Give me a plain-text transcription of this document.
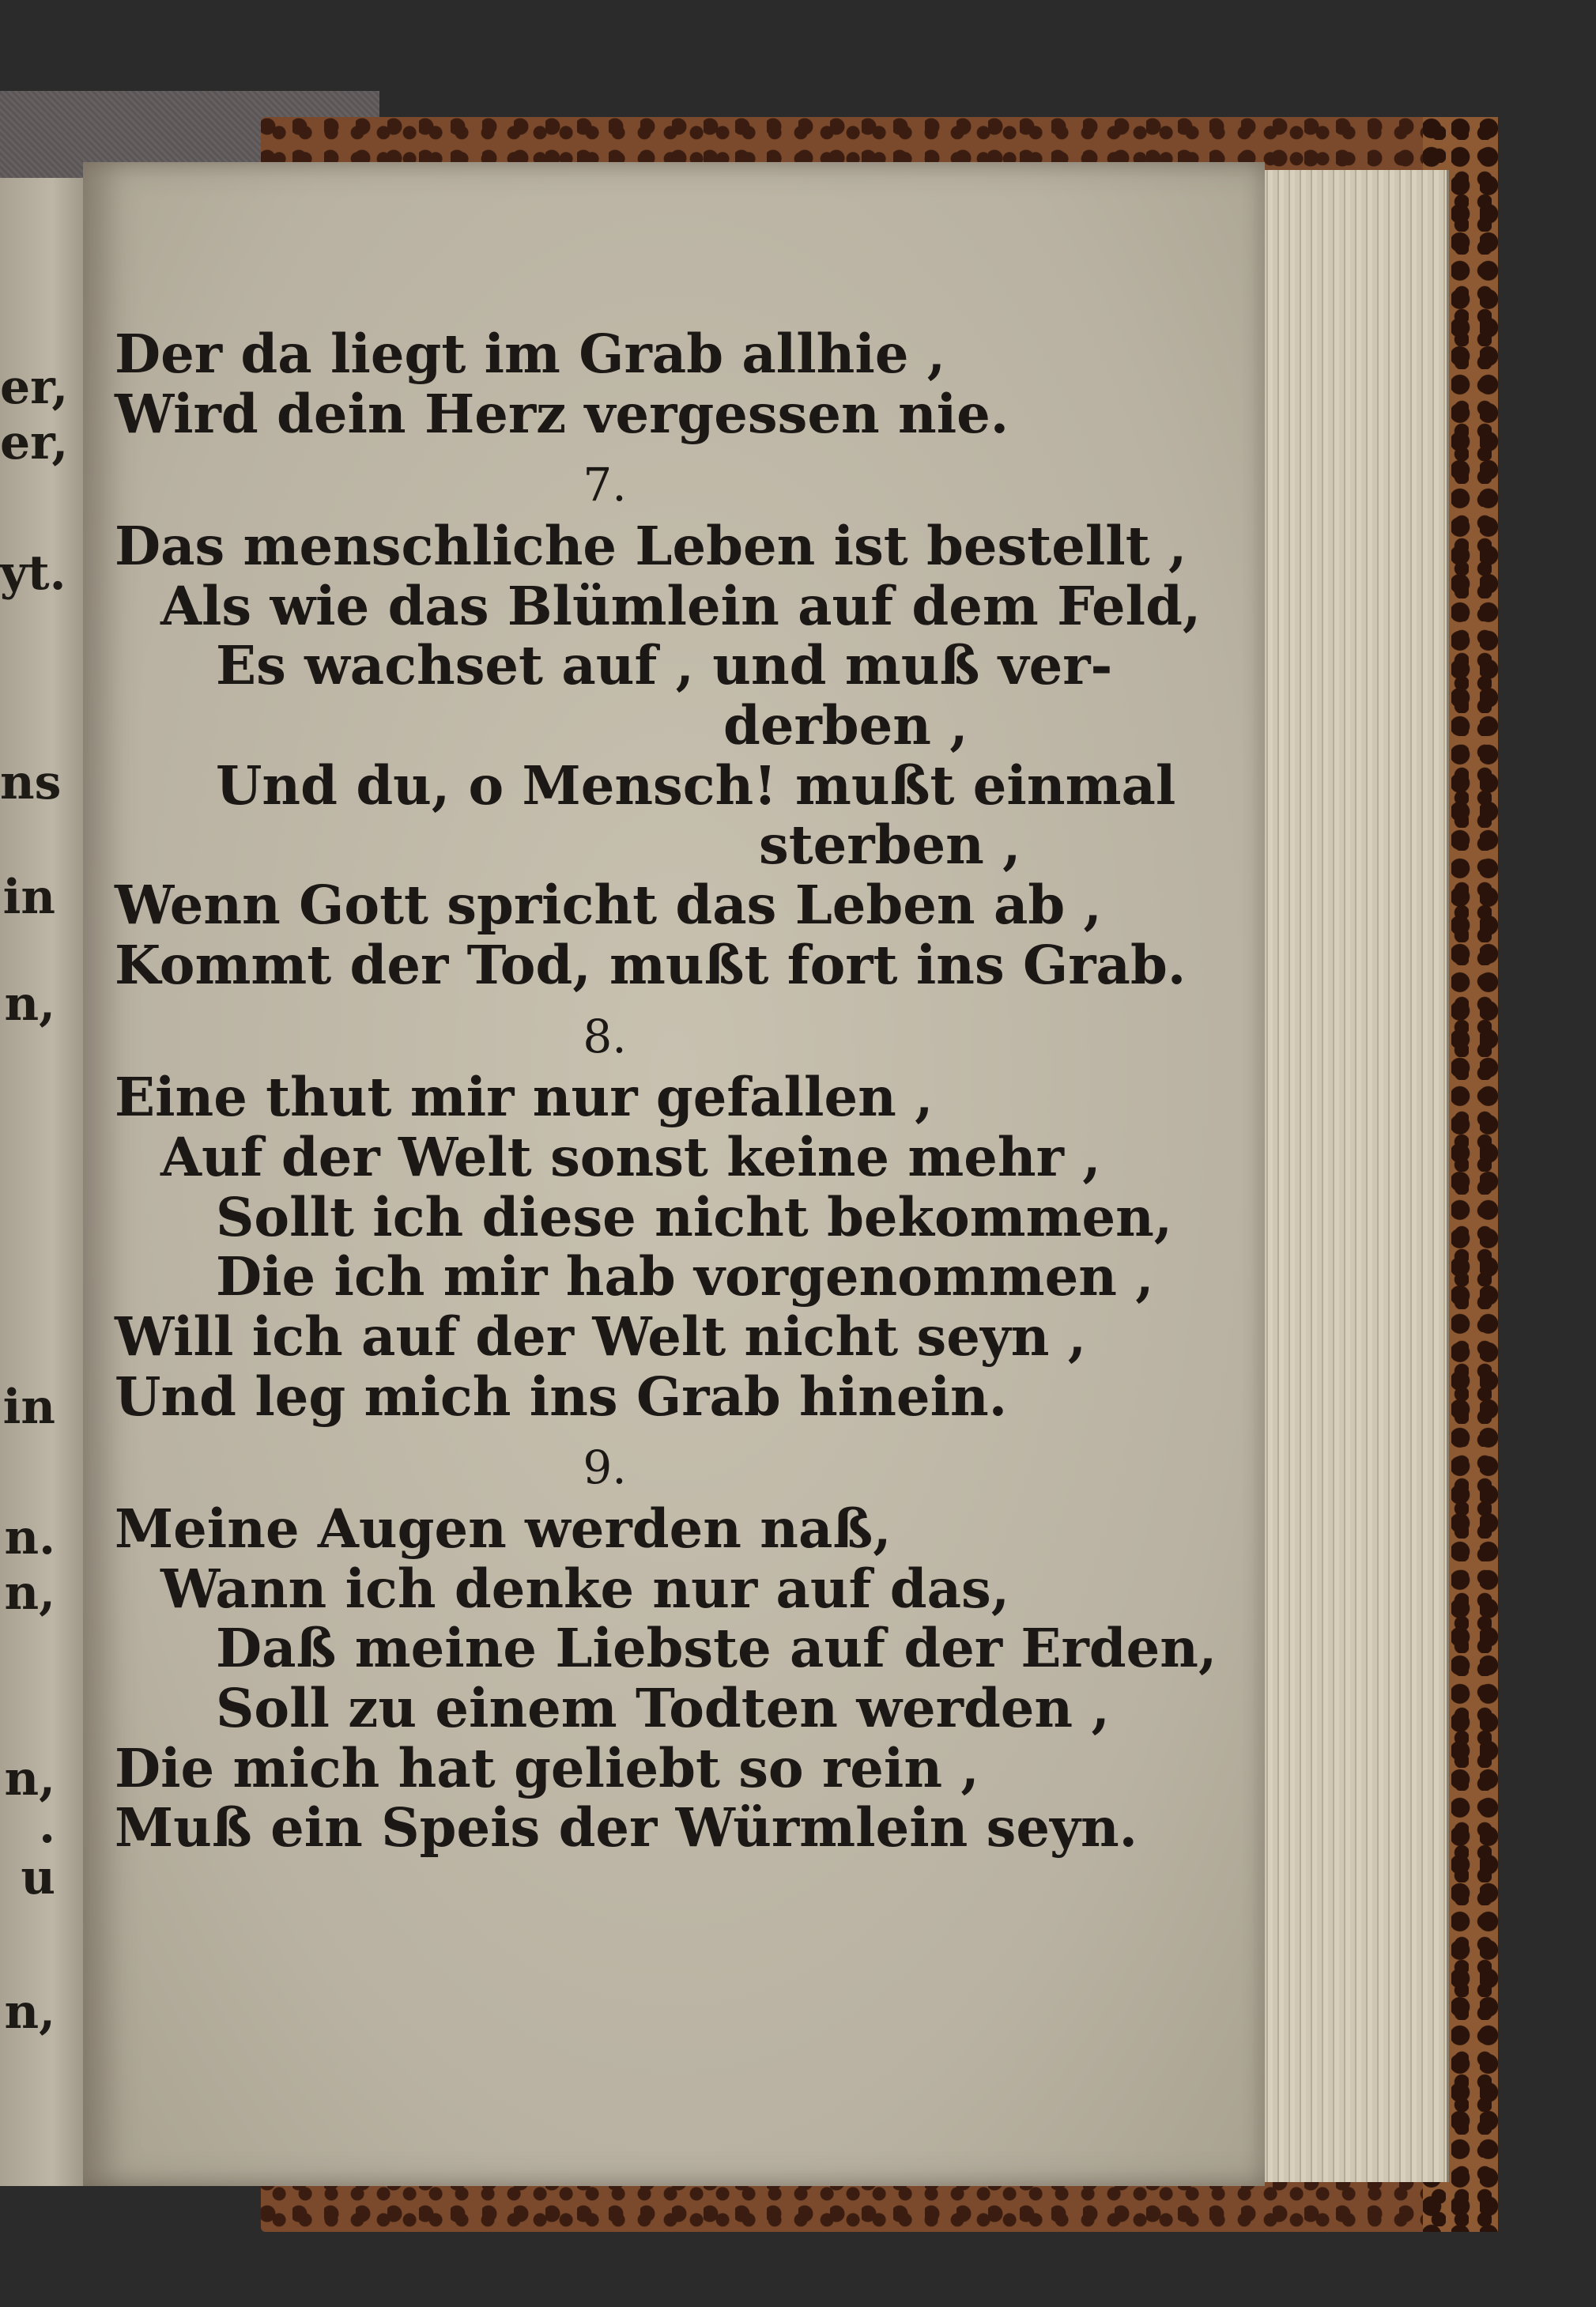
er,
er,
yt.
ns
in
n,
in
n.
n,
n,
.
u
n,
Der da liegt im Grab allhie ,
Wird dein Herz vergessen nie.
7.
Das menschliche Leben ist bestellt ,
Als wie das Blümlein auf dem Feld,
Es wachset auf , und muß ver-
derben ,
Und du, o Mensch! mußt einmal
sterben ,
Wenn Gott spricht das Leben ab ,
Kommt der Tod, mußt fort ins Grab.
8.
Eine thut mir nur gefallen ,
Auf der Welt sonst keine mehr ,
Sollt ich diese nicht bekommen,
Die ich mir hab vorgenommen ,
Will ich auf der Welt nicht seyn ,
Und leg mich ins Grab hinein.
9.
Meine Augen werden naß,
Wann ich denke nur auf das,
Daß meine Liebste auf der Erden,
Soll zu einem Todten werden ,
Die mich hat geliebt so rein ,
Muß ein Speis der Würmlein seyn.
